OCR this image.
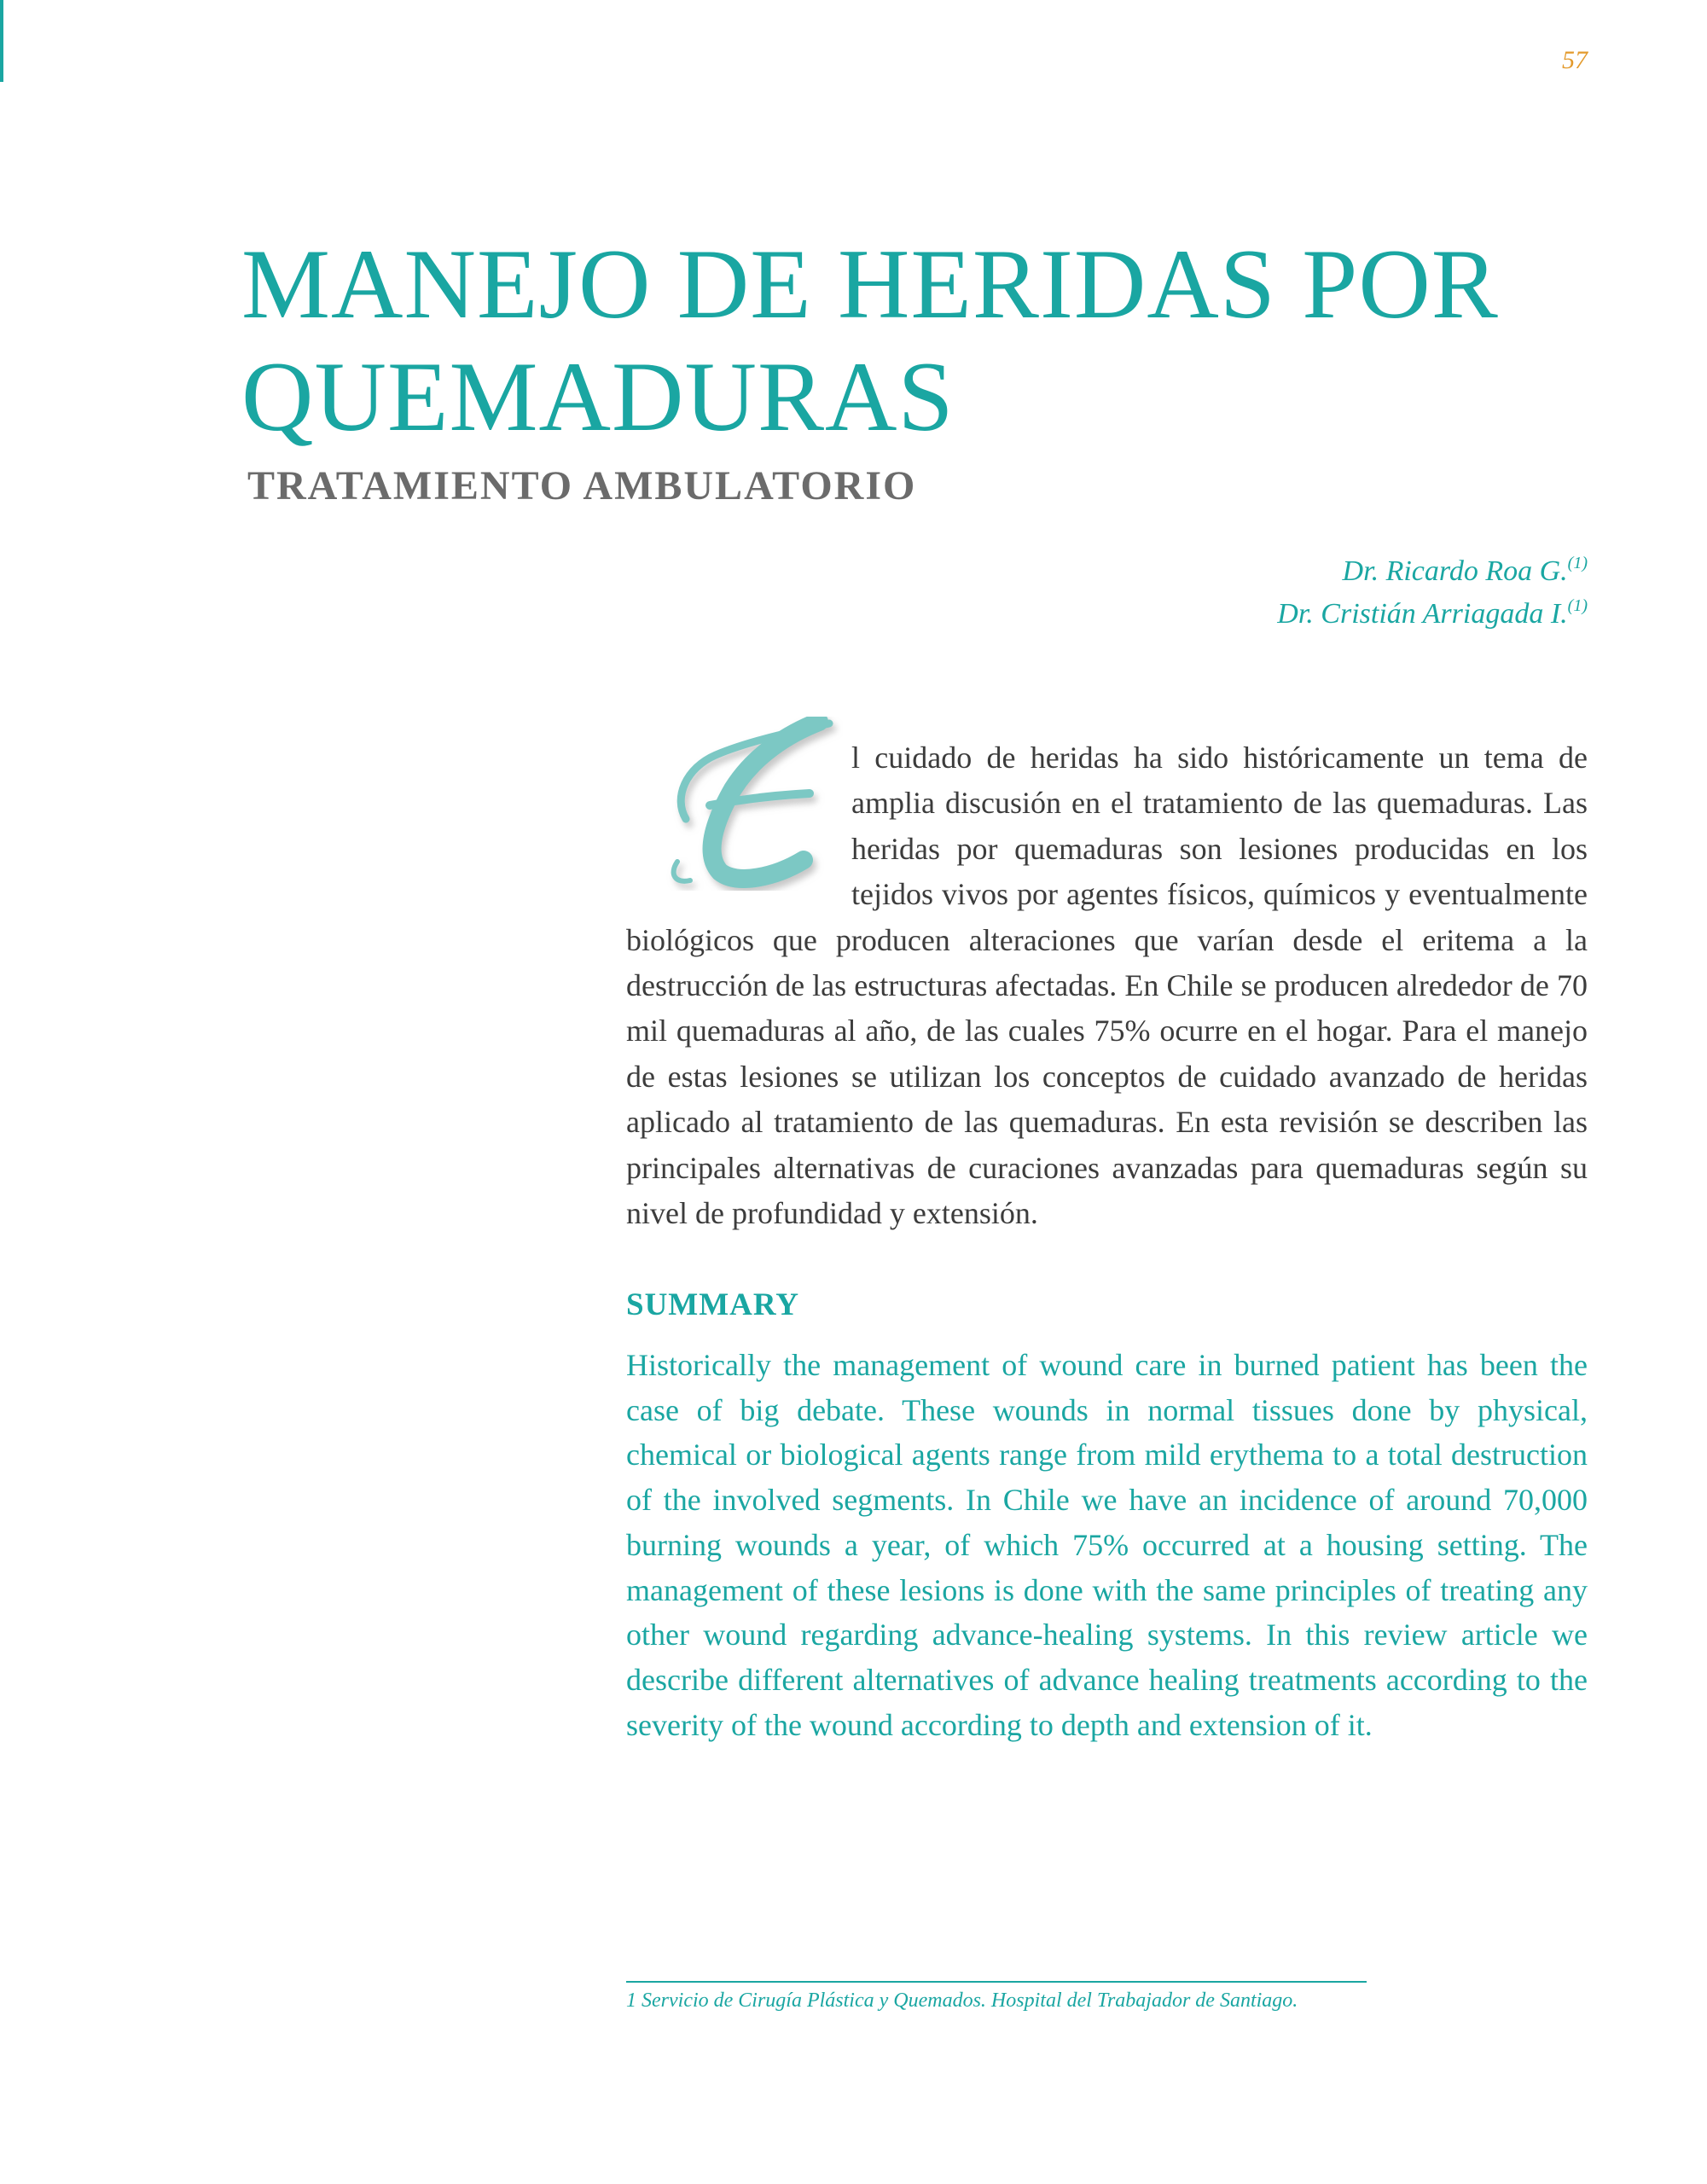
57
MANEJO DE HERIDAS POR QUEMADURAS
TRATAMIENTO AMBULATORIO
Dr. Ricardo Roa G.$^{(1)}$
Dr. Cristián Arriagada I.$^{(1)}$

l cuidado de heridas ha sido históricamente un tema de amplia discusión en el tratamiento de las quemaduras. Las heridas por quemaduras son lesiones producidas en los tejidos vivos por agentes físicos, químicos y eventualmente biológicos que producen alteraciones que varían desde el eritema a la destrucción de las estructuras afectadas. En Chile se producen alrededor de 70 mil quemaduras al año, de las cuales 75% ocurre en el hogar. Para el manejo de estas lesiones se utilizan los conceptos de cuidado avanzado de heridas aplicado al tratamiento de las quemaduras. En esta revisión se describen las principales alternativas de curaciones avanzadas para quemaduras según su nivel de profundidad y extensión.

SUMMARY

Historically the management of wound care in burned patient has been the case of big debate. These wounds in normal tissues done by physical, chemical or biological agents range from mild erythema to a total destruction of the involved segments. In Chile we have an incidence of around 70,000 burning wounds a year, of which 75% occurred at a housing setting. The management of these lesions is done with the same principles of treating any other wound regarding advance-healing systems. In this review article we describe different alternatives of advance healing treatments according to the severity of the wound according to depth and extension of it.

1 Servicio de Cirugía Plástica y Quemados. Hospital del Trabajador de Santiago.
